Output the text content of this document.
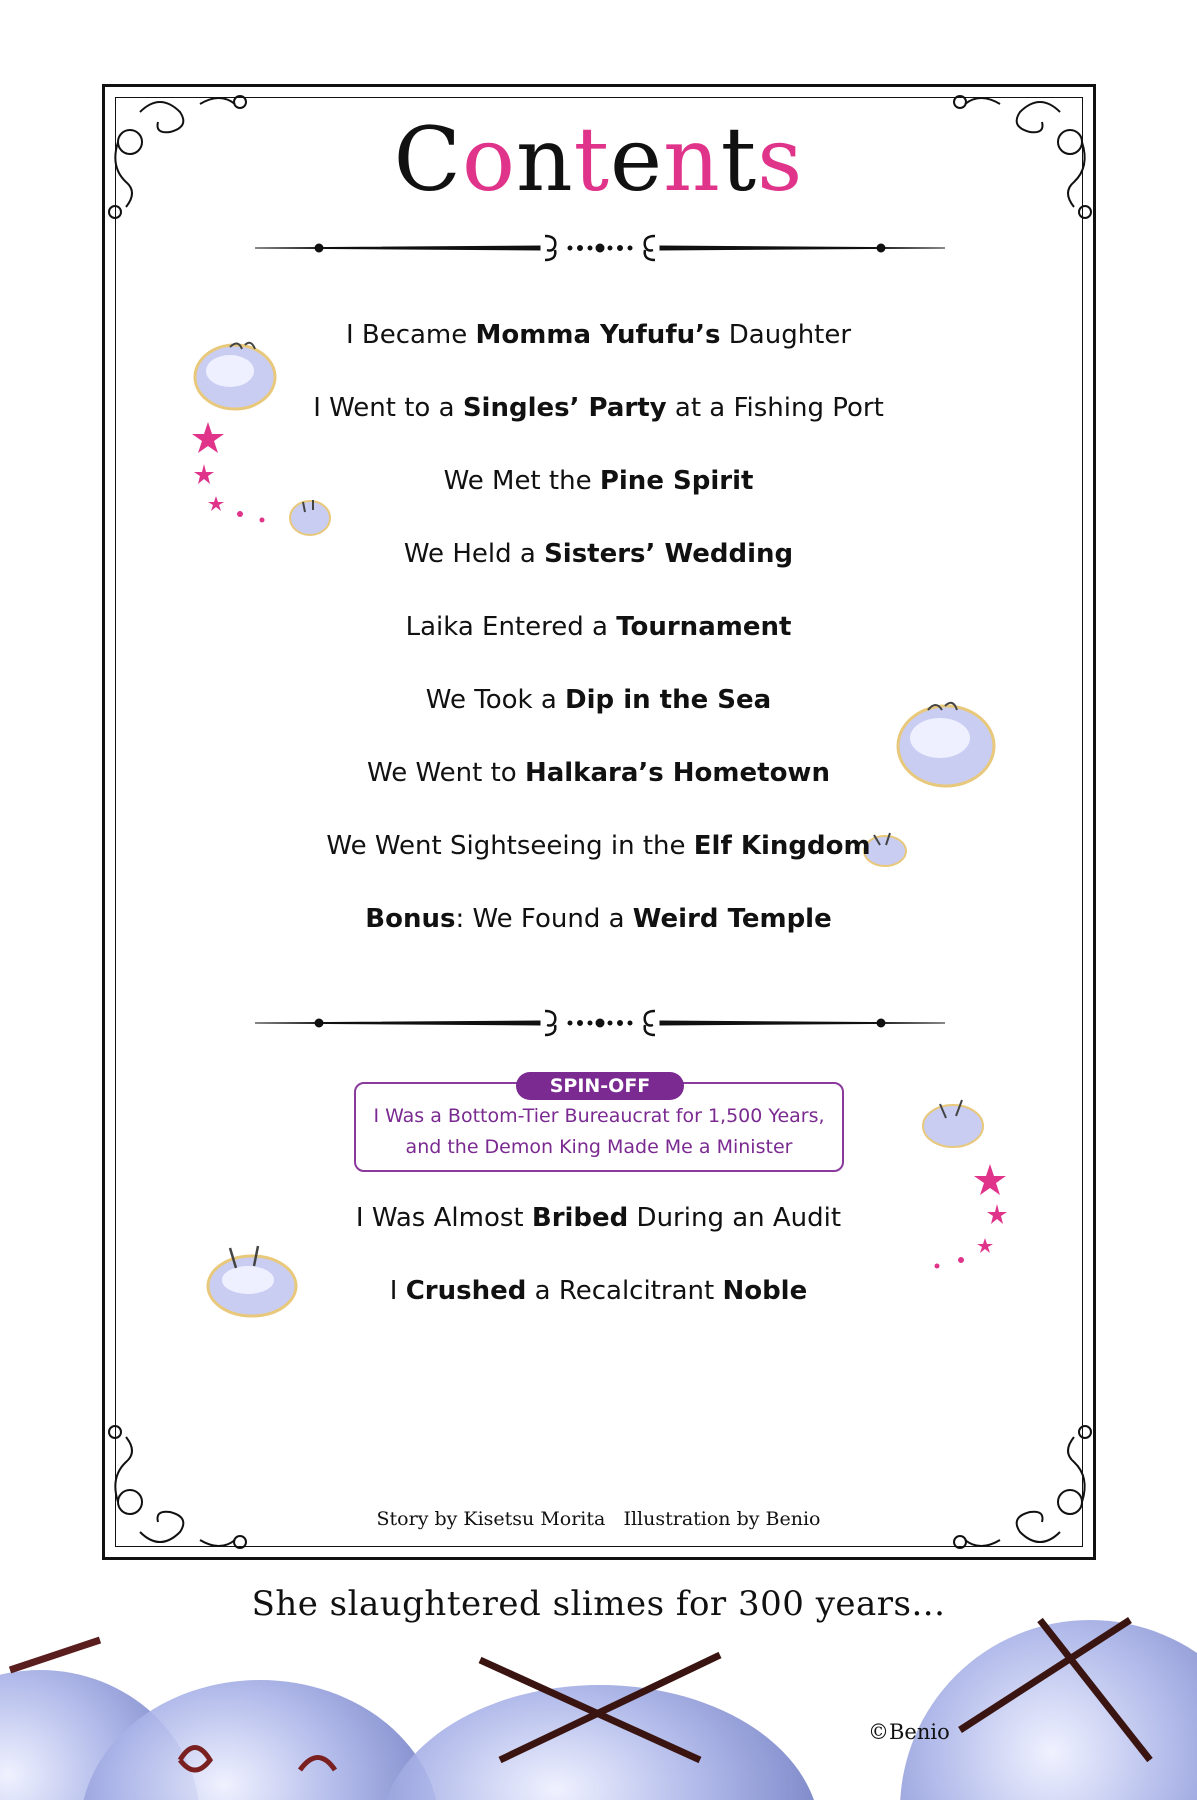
Contents
I Became Momma Yufufu’s Daughter
I Went to a Singles’ Party at a Fishing Port
We Met the Pine Spirit
We Held a Sisters’ Wedding
Laika Entered a Tournament
We Took a Dip in the Sea
We Went to Halkara’s Hometown
We Went Sightseeing in the Elf Kingdom
Bonus: We Found a Weird Temple
SPIN-OFF
I Was a Bottom-Tier Bureaucrat for 1,500 Years,
and the Demon King Made Me a Minister
I Was Almost Bribed During an Audit
I Crushed a Recalcitrant Noble
Story by Kisetsu Morita   Illustration by Benio
She slaughtered slimes for 300 years...
©Benio
